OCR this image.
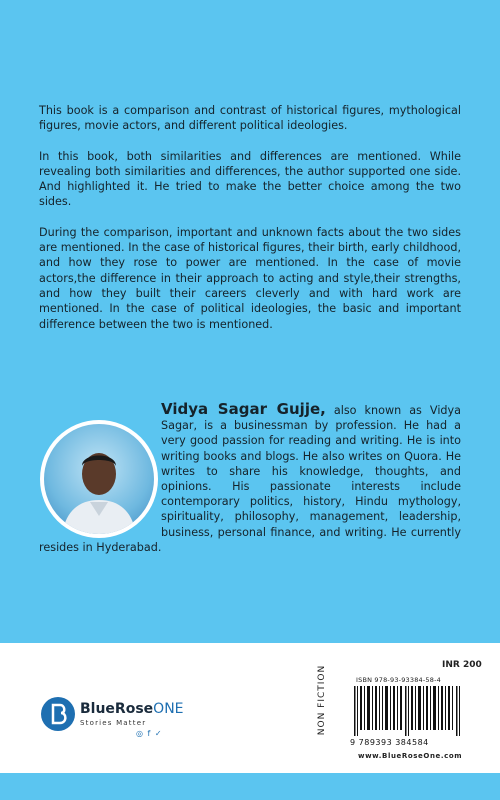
This book is a comparison and contrast of historical figures, mythological figures, movie actors, and different political ideologies.

In this book, both similarities and differences are mentioned. While revealing both similarities and differences, the author supported one side. And highlighted it. He tried to make the better choice among the two sides.

During the comparison, important and unknown facts about the two sides are mentioned. In the case of historical figures, their birth, early childhood, and how they rose to power are mentioned. In the case of movie actors,the difference in their approach to acting and style,their strengths, and how they built their careers cleverly and with hard work are mentioned. In the case of political ideologies, the basic and important difference between the two is mentioned.

Vidya Sagar Gujje, also known as Vidya Sagar, is a businessman by profession. He had a very good passion for reading and writing. He is into writing books and blogs. He also writes on Quora. He writes to share his knowledge, thoughts, and opinions. His passionate interests include contemporary politics, history, Hindu mythology, spirituality, philosophy, management, leadership, business, personal finance, and writing. He currently resides in Hyderabad.
BlueRoseONE
Stories Matter
◎ f ✓	NON FICTION	INR 200
ISBN 978-93-93384-58-4
9 789393 384584
www.BlueRoseOne.com
